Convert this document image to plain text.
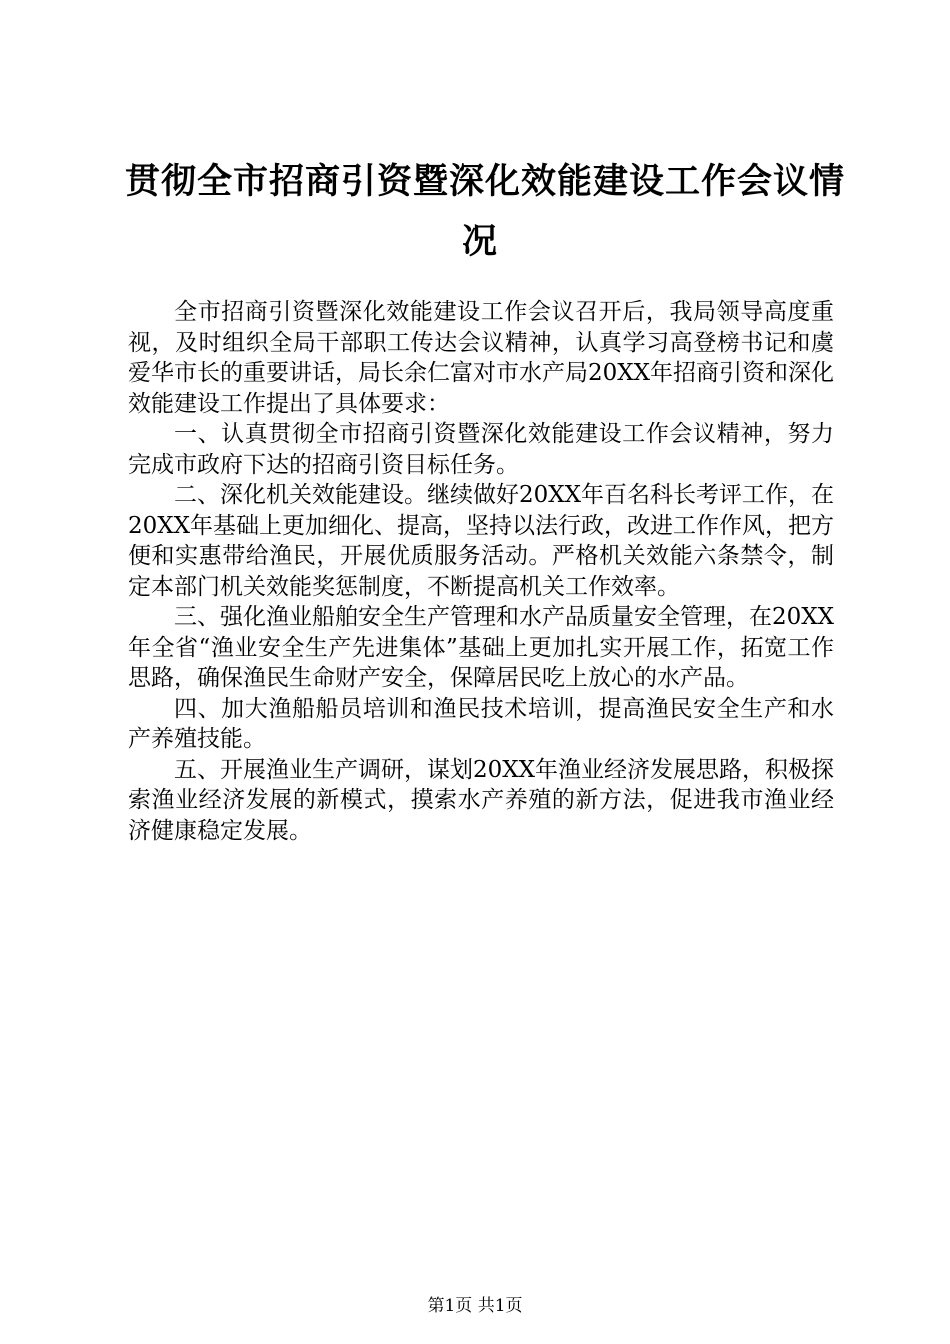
贯彻全市招商引资暨深化效能建设工作会议情
况

全市招商引资暨深化效能建设工作会议召开后，我局领导高度重视，及时组织全局干部职工传达会议精神，认真学习高登榜书记和虞爱华市长的重要讲话，局长余仁富对市水产局20XX年招商引资和深化效能建设工作提出了具体要求：

一、认真贯彻全市招商引资暨深化效能建设工作会议精神，努力完成市政府下达的招商引资目标任务。

二、深化机关效能建设。继续做好20XX年百名科长考评工作，在20XX年基础上更加细化、提高，坚持以法行政，改进工作作风，把方便和实惠带给渔民，开展优质服务活动。严格机关效能六条禁令，制定本部门机关效能奖惩制度，不断提高机关工作效率。

三、强化渔业船舶安全生产管理和水产品质量安全管理，在20XX年全省“渔业安全生产先进集体”基础上更加扎实开展工作，拓宽工作思路，确保渔民生命财产安全，保障居民吃上放心的水产品。

四、加大渔船船员培训和渔民技术培训，提高渔民安全生产和水产养殖技能。

五、开展渔业生产调研，谋划20XX年渔业经济发展思路，积极探索渔业经济发展的新模式，摸索水产养殖的新方法，促进我市渔业经济健康稳定发展。

第1页 共1页
